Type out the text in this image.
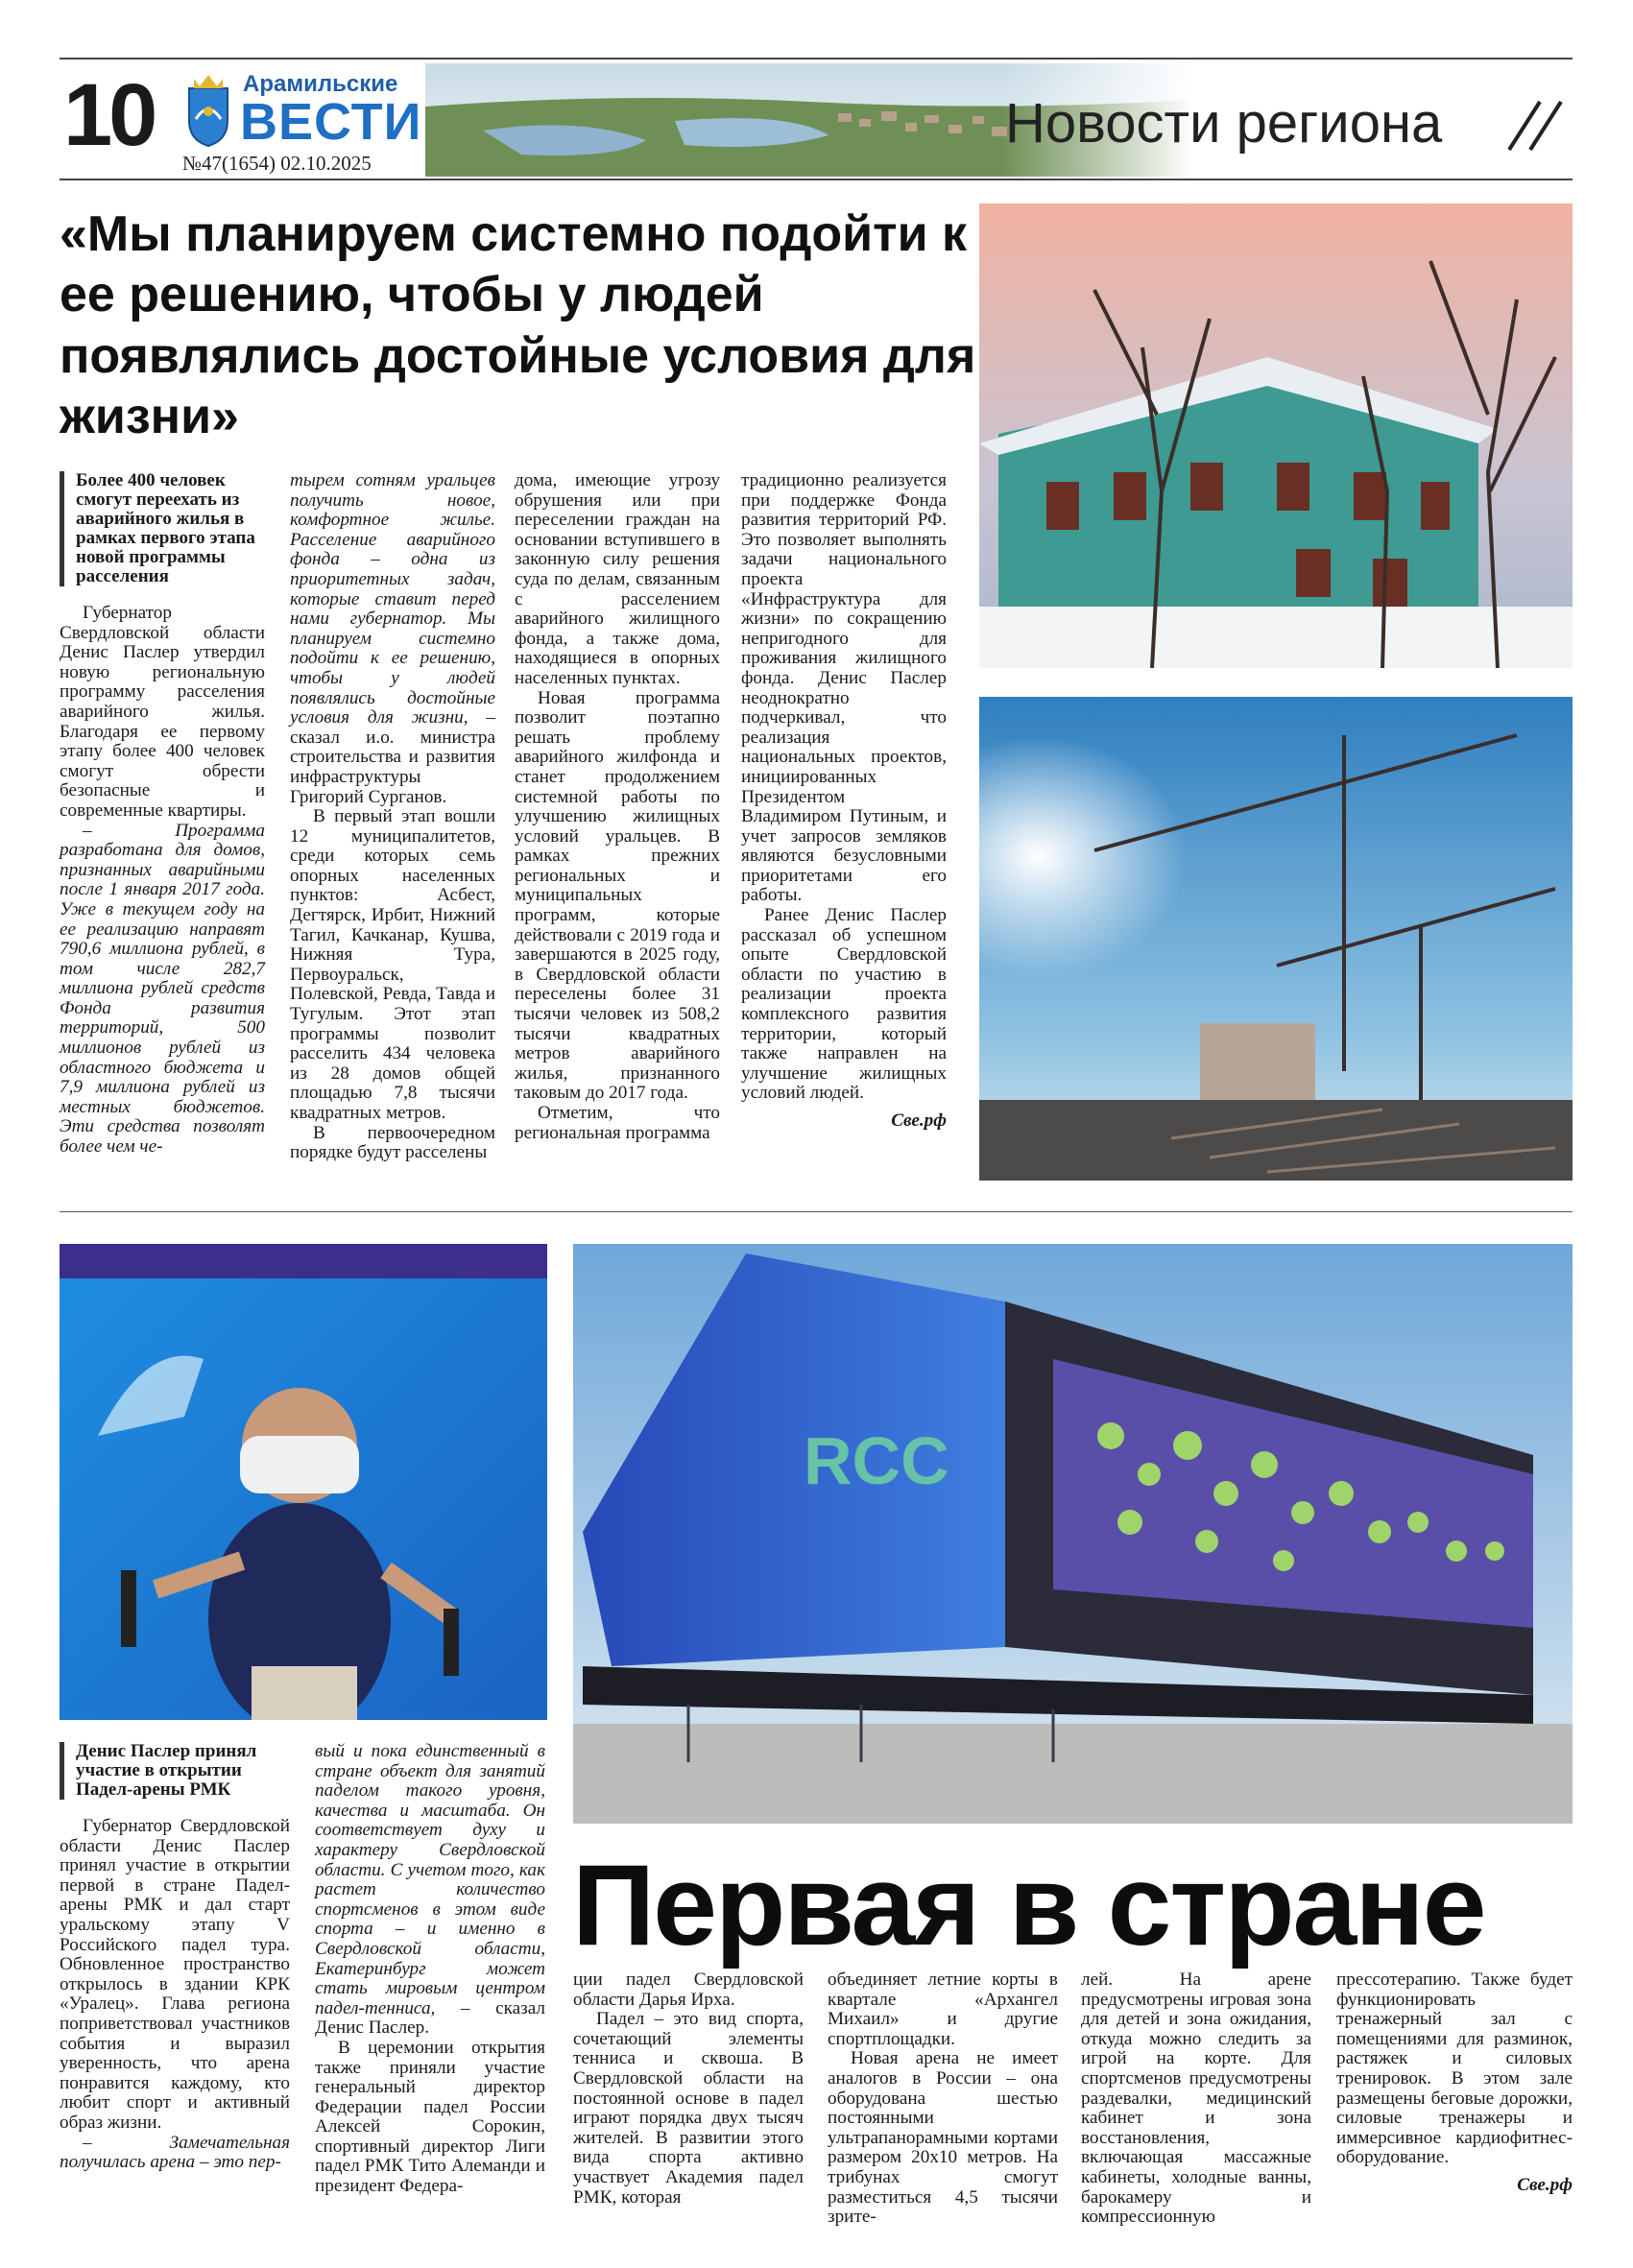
10	Арамильские
ВЕСТИ
№47(1654) 02.10.2025
Новости региона
«Мы планируем системно подойти к ее решению, чтобы у людей появлялись достойные условия для жизни»

Более 400 человек смогут переехать из аварийного жилья в рамках первого этапа новой программы расселения

Губернатор Свердловской области Денис Паслер утвердил новую региональную программу расселения аварийного жилья. Благодаря ее первому этапу более 400 человек смогут обрести безопасные и современные квартиры.

– Программа разработана для домов, признанных аварийными после 1 января 2017 года. Уже в текущем году на ее реализацию направят 790,6 миллиона рублей, в том числе 282,7 миллиона рублей средств Фонда развития территорий, 500 миллионов рублей из областного бюджета и 7,9 миллиона рублей из местных бюджетов. Эти средства позволят более чем че-

тырем сотням уральцев получить новое, комфортное жилье. Расселение аварийного фонда – одна из приоритетных задач, которые ставит перед нами губернатор. Мы планируем системно подойти к ее решению, чтобы у людей появлялись достойные условия для жизни, – сказал и.о. министра строительства и развития инфраструктуры Григорий Сурганов.

В первый этап вошли 12 муниципалитетов, среди которых семь опорных населенных пунктов: Асбест, Дегтярск, Ирбит, Нижний Тагил, Качканар, Кушва, Нижняя Тура, Первоуральск, Полевской, Ревда, Тавда и Тугулым. Этот этап программы позволит расселить 434 человека из 28 домов общей площадью 7,8 тысячи квадратных метров.

В первоочередном порядке будут расселены

дома, имеющие угрозу обрушения или при переселении граждан на основании вступившего в законную силу решения суда по делам, связанным с расселением аварийного жилищного фонда, а также дома, находящиеся в опорных населенных пунктах.

Новая программа позволит поэтапно решать проблему аварийного жилфонда и станет продолжением системной работы по улучшению жилищных условий уральцев. В рамках прежних региональных и муниципальных программ, которые действовали с 2019 года и завершаются в 2025 году, в Свердловской области переселены более 31 тысячи человек из 508,2 тысячи квадратных метров аварийного жилья, признанного таковым до 2017 года.

Отметим, что региональная программа

традиционно реализуется при поддержке Фонда развития территорий РФ. Это позволяет выполнять задачи национального проекта «Инфраструктура для жизни» по сокращению непригодного для проживания жилищного фонда. Денис Паслер неоднократно подчеркивал, что реализация национальных проектов, инициированных Президентом Владимиром Путиным, и учет запросов земляков являются безусловными приоритетами его работы.

Ранее Денис Паслер рассказал об успешном опыте Свердловской области по участию в реализации проекта комплексного развития территории, который также направлен на улучшение жилищных условий людей.

Све.рф

RCC
Первая в стране

Денис Паслер принял участие в открытии Падел-арены РМК

Губернатор Свердловской области Денис Паслер принял участие в открытии первой в стране Падел-арены РМК и дал старт уральскому этапу V Российского падел тура. Обновленное пространство открылось в здании КРК «Уралец». Глава региона поприветствовал участников события и выразил уверенность, что арена понравится каждому, кто любит спорт и активный образ жизни.

– Замечательная получилась арена – это пер-

вый и пока единственный в стране объект для занятий паделом такого уровня, качества и масштаба. Он соответствует духу и характеру Свердловской области. С учетом того, как растет количество спортсменов в этом виде спорта – и именно в Свердловской области, Екатеринбург может стать мировым центром падел-тенниса, – сказал Денис Паслер.

В церемонии открытия также приняли участие генеральный директор Федерации падел России Алексей Сорокин, спортивный директор Лиги падел РМК Тито Алеманди и президент Федера-

ции падел Свердловской области Дарья Ирха.

Падел – это вид спорта, сочетающий элементы тенниса и сквоша. В Свердловской области на постоянной основе в падел играют порядка двух тысяч жителей. В развитии этого вида спорта активно участвует Академия падел РМК, которая

объединяет летние корты в квартале «Архангел Михаил» и другие спортплощадки.

Новая арена не имеет аналогов в России – она оборудована шестью постоянными ультрапанорамными кортами размером 20х10 метров. На трибунах смогут разместиться 4,5 тысячи зрите-

лей. На арене предусмотрены игровая зона для детей и зона ожидания, откуда можно следить за игрой на корте. Для спортсменов предусмотрены раздевалки, медицинский кабинет и зона восстановления, включающая массажные кабинеты, холодные ванны, барокамеру и компрессионную

прессотерапию. Также будет функционировать тренажерный зал с помещениями для разминок, растяжек и силовых тренировок. В этом зале размещены беговые дорожки, силовые тренажеры и иммерсивное кардиофитнес-оборудование.

Све.рф
